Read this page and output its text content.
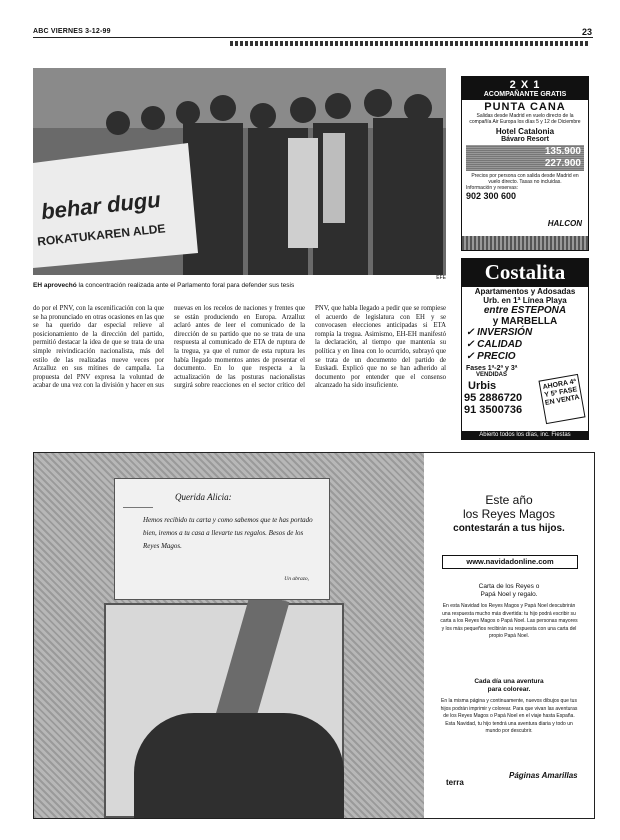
ABC VIERNES 3-12-99	23
behar dugu
ROKATUKAREN ALDE
EH aprovechó la concentración realizada ante el Parlamento foral para defender sus tesis
EFE
do por el PNV, con la escenificación con la que se ha pronunciado en otras ocasiones en las que se ha querido dar especial relieve al posicionamiento de la dirección del partido, permitió destacar la idea de que se trata de una simple reivindicación nacionalista, más del estilo de las realizadas nueve veces por Arzalluz en sus mítines de campaña. La propuesta del PNV expresa la voluntad de acabar de una vez con la división y hacer en sus nuevas en los recelos de naciones y frentes que se están produciendo en Europa. Arzalluz aclaró antes de leer el comunicado de la dirección de su partido que no se trata de una respuesta al comunicado de ETA de ruptura de la tregua, ya que el rumor de esta ruptura les había llegado momentos antes de presentar el documento. En lo que respecta a la actualización de las posturas nacionalistas surgirá sobre reacciones en el sector crítico del PNV, que habla llegado a pedir que se rompiese el acuerdo de legislatura con EH y se convocasen elecciones anticipadas si ETA rompía la tregua. Asimismo, EH-EH manifestó la declaración, al tiempo que mantenía su política y en línea con lo ocurrido, subrayó que se trata de un documento del partido de Euskadi. Explicó que no se han adherido al documento por entender que el consenso alcanzado ha sido insuficiente.
2 X 1
ACOMPAÑANTE GRATIS
PUNTA CANA
Salidas desde Madrid en vuelo directo de la compañía Air Europa los días 5 y 12 de Diciembre
Hotel Catalonia
Bávaro Resort
135.900
227.900
Precios por persona con salida desde Madrid en vuelo directo. Tasas no incluidas.
Información y reservas:
902 300 600
HALCON
Costalita
Apartamentos y Adosadas
Urb. en 1ª Línea Playa
entre ESTEPONA
y MARBELLA
✓ INVERSIÓN
✓ CALIDAD
✓ PRECIO
Fases 1ª-2ª y 3ª
VENDIDAS
Urbis
95 2886720
91 3500736
AHORA 4ª Y 5ª FASE EN VENTA
Abierto todos los días, inc. Fiestas
Querida Alicia:
Hemos recibido tu carta y como sabemos que te has portado bien, iremos a tu casa a llevarte tus regalos. Besos de los Reyes Magos.
Un abrazo,
Este año
los Reyes Magos
contestarán a tus hijos.
www.navidadonline.com
Carta de los Reyes o
Papá Noel y regalo.
En esta Navidad los Reyes Magos y Papá Noel descubrirán una respuesta mucho más divertida: tu hijo podrá escribir su carta a los Reyes Magos o Papá Noel. Las personas mayores y los más pequeños recibirán su respuesta con una carta del propio Papá Noel.
Cada día una aventura
para colorear.
En la misma página y continuamente, nuevos dibujos que tus hijos podrán imprimir y colorear. Para que vivan las aventuras de los Reyes Magos o Papá Noel en el viaje hasta España. Esta Navidad, tu hijo tendrá una aventura diaria y todo un mundo por descubrir.
terra
Páginas Amarillas
